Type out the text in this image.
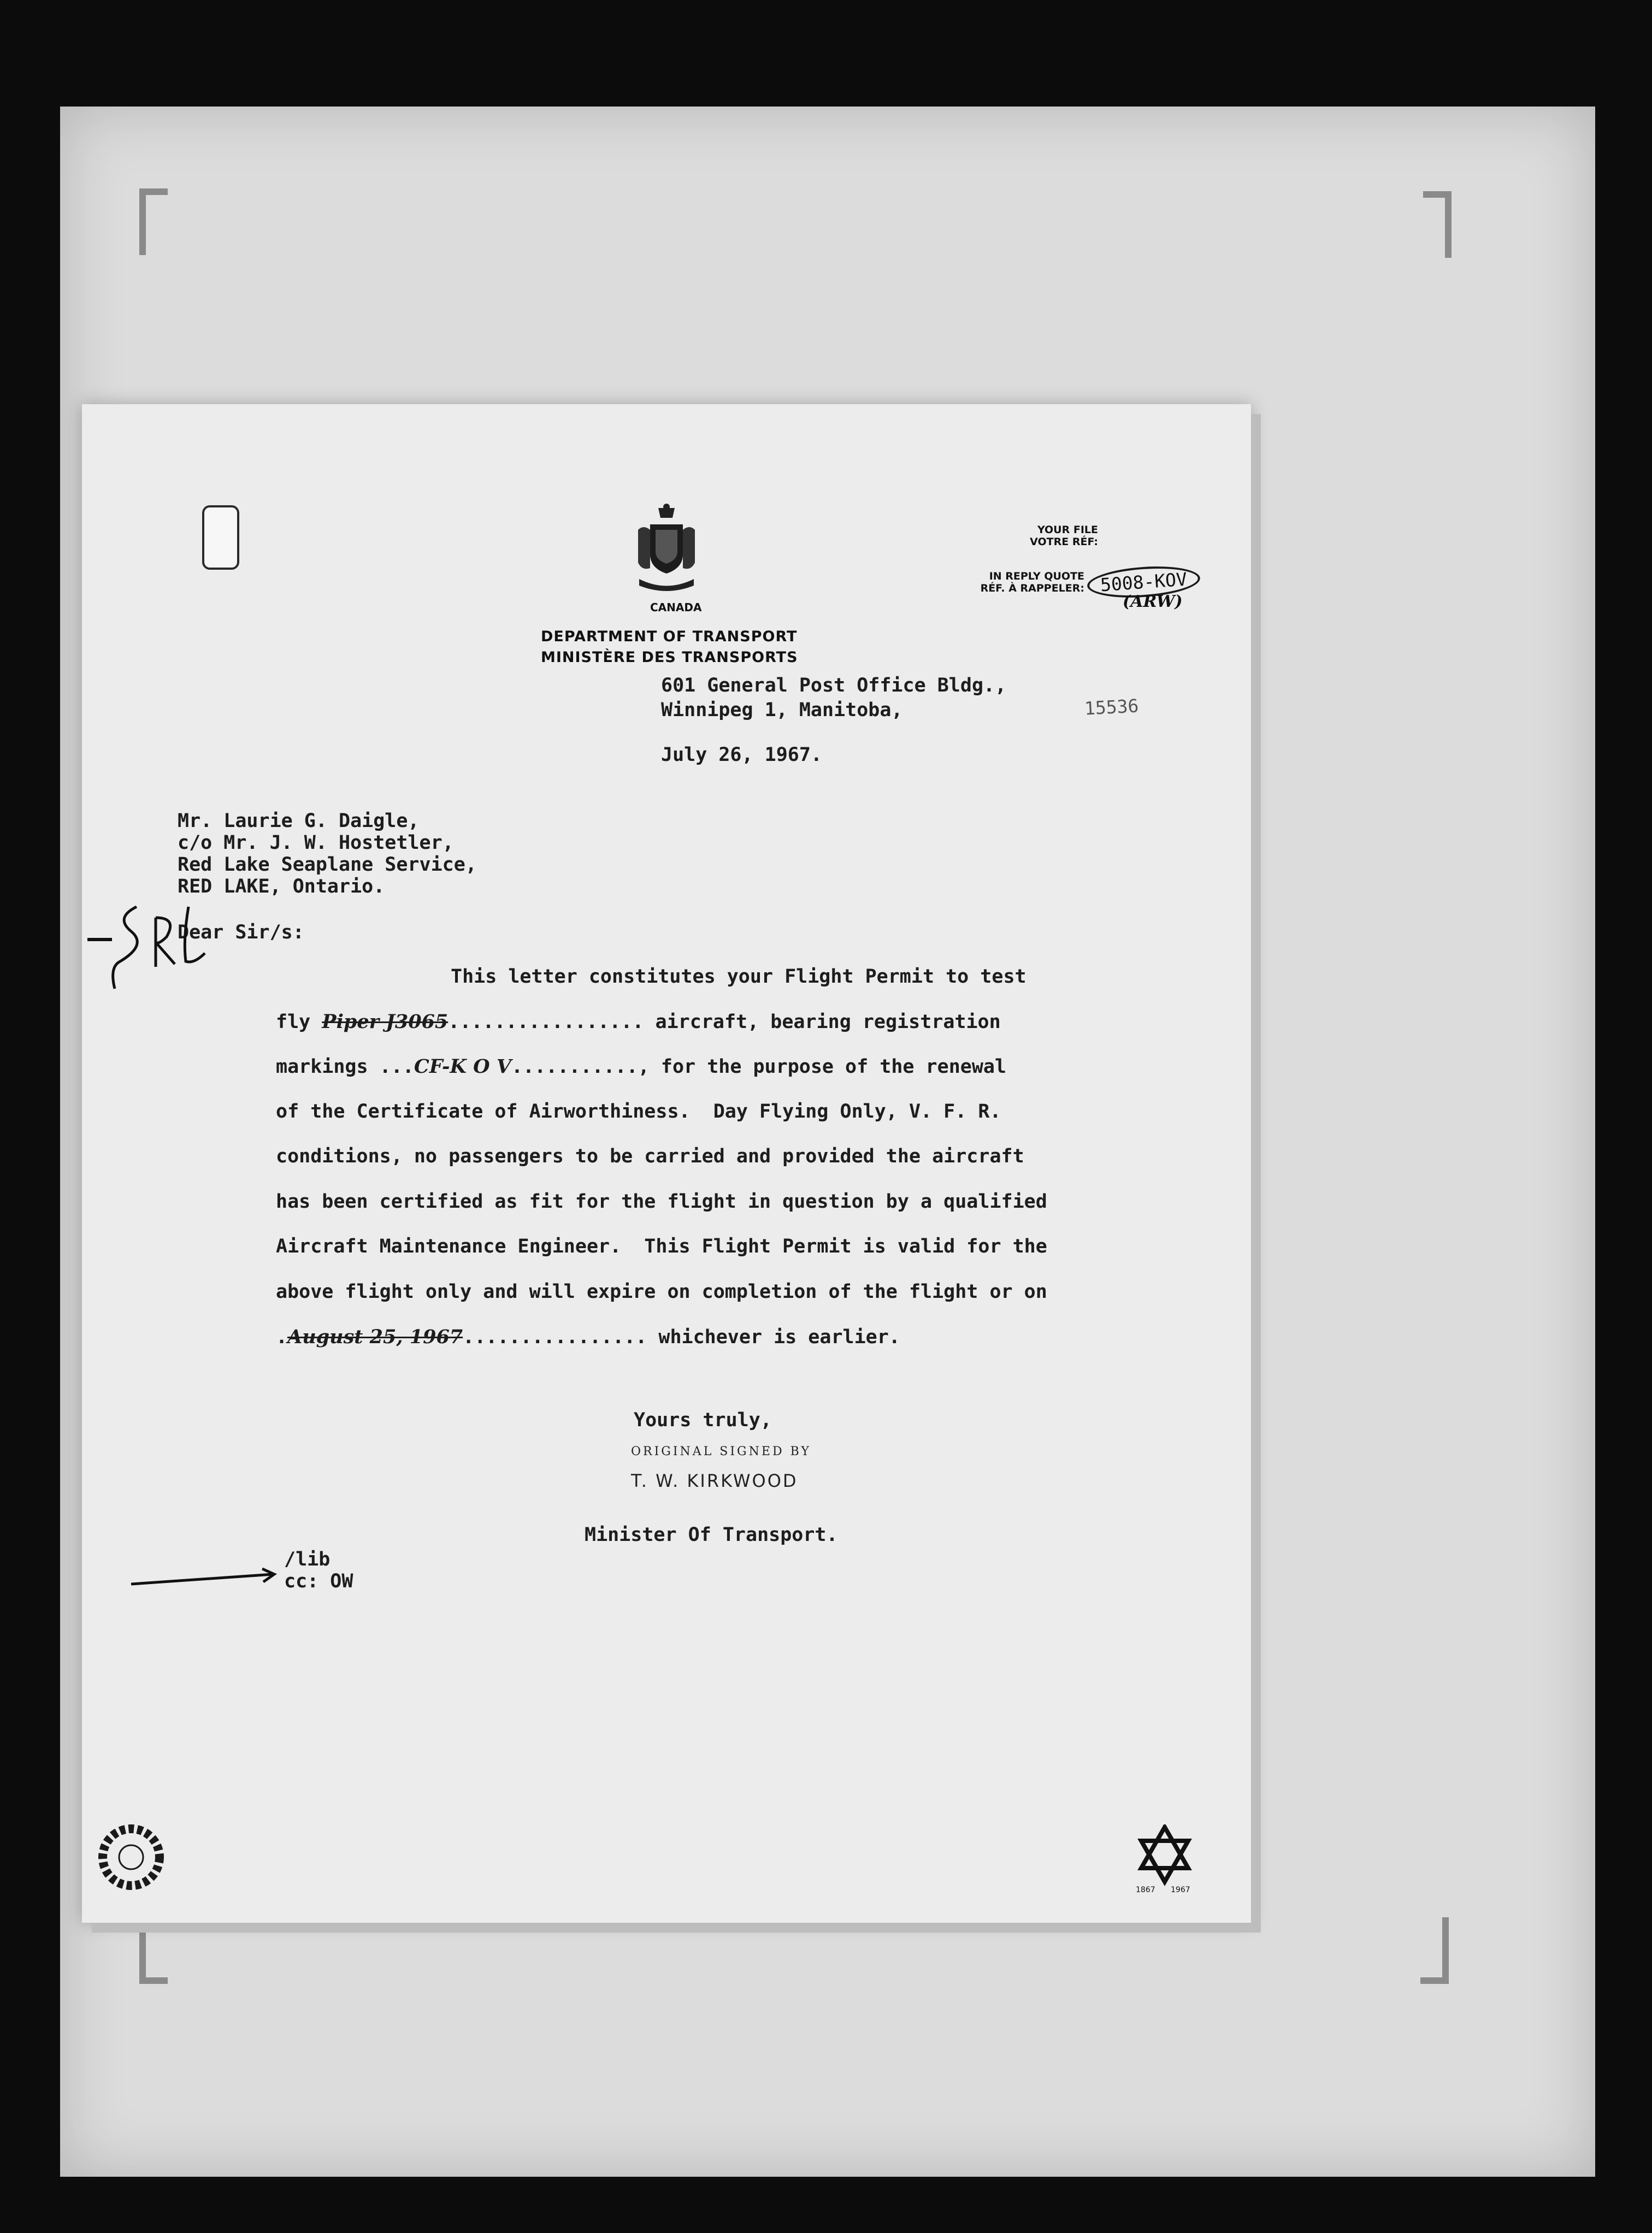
CANADA
DEPARTMENT OF TRANSPORT
MINISTÈRE DES TRANSPORTS
YOUR FILE
VOTRE RÉF:
IN REPLY QUOTE
RÉF. À RAPPELER: 5008-KOV
(ARW)
15536
601 General Post Office Bldg.,
Winnipeg 1, Manitoba,
July 26, 1967.
Mr. Laurie G. Daigle,
c/o Mr. J. W. Hostetler,
Red Lake Seaplane Service,
RED LAKE, Ontario.
Dear Sir/s:
This letter constitutes your Flight Permit to test
fly Piper J3065................. aircraft, bearing registration
markings ...CF-K O V..........., for the purpose of the renewal
of the Certificate of Airworthiness.  Day Flying Only, V. F. R.
conditions, no passengers to be carried and provided the aircraft
has been certified as fit for the flight in question by a qualified
Aircraft Maintenance Engineer.  This Flight Permit is valid for the
above flight only and will expire on completion of the flight or on
.August 25, 1967................ whichever is earlier.
Yours truly,
ORIGINAL SIGNED BY
T. W. KIRKWOOD
Minister Of Transport.
/lib
cc: OW
1867 1967
-SRL
